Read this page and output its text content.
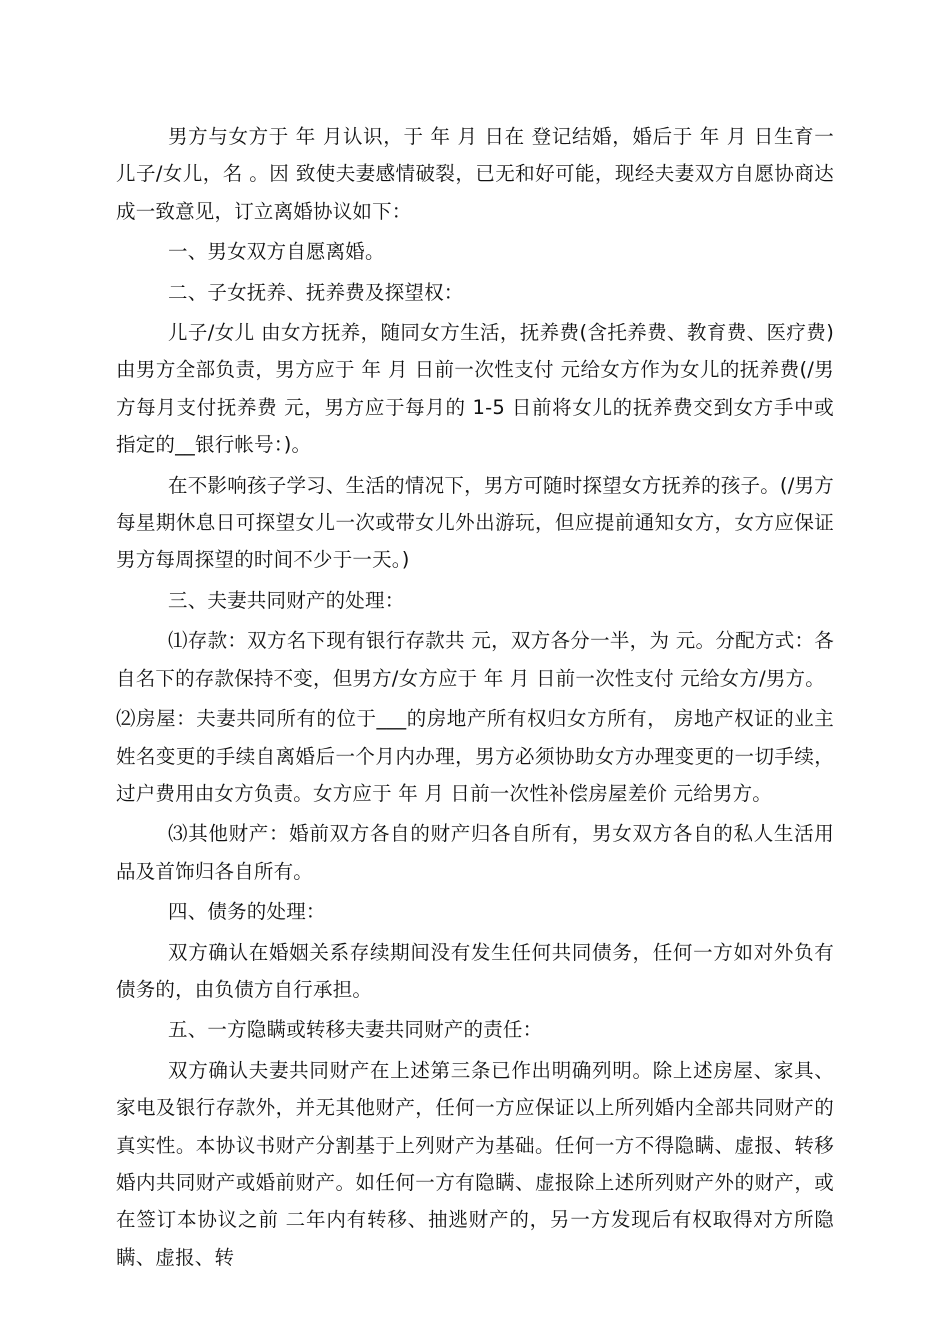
男方与女方于 年 月认识，于 年 月 日在 登记结婚，婚后于 年 月 日生育一儿子/女儿，名 。因 致使夫妻感情破裂，已无和好可能，现经夫妻双方自愿协商达成一致意见，订立离婚协议如下：

一、男女双方自愿离婚。

二、子女抚养、抚养费及探望权：

儿子/女儿 由女方抚养，随同女方生活，抚养费(含托养费、教育费、医疗费)由男方全部负责，男方应于 年 月 日前一次性支付 元给女方作为女儿的抚养费(/男方每月支付抚养费 元，男方应于每月的 1-5 日前将女儿的抚养费交到女方手中或指定的__银行帐号：)。

在不影响孩子学习、生活的情况下，男方可随时探望女方抚养的孩子。(/男方每星期休息日可探望女儿一次或带女儿外出游玩，但应提前通知女方，女方应保证男方每周探望的时间不少于一天。)

三、夫妻共同财产的处理：

⑴存款：双方名下现有银行存款共 元，双方各分一半，为 元。分配方式：各自名下的存款保持不变，但男方/女方应于 年 月 日前一次性支付 元给女方/男方。

⑵房屋：夫妻共同所有的位于___的房地产所有权归女方所有， 房地产权证的业主姓名变更的手续自离婚后一个月内办理，男方必须协助女方办理变更的一切手续，过户费用由女方负责。女方应于 年 月 日前一次性补偿房屋差价 元给男方。

⑶其他财产：婚前双方各自的财产归各自所有，男女双方各自的私人生活用品及首饰归各自所有。

四、债务的处理：

双方确认在婚姻关系存续期间没有发生任何共同债务，任何一方如对外负有债务的，由负债方自行承担。

五、一方隐瞒或转移夫妻共同财产的责任：

双方确认夫妻共同财产在上述第三条已作出明确列明。除上述房屋、家具、家电及银行存款外，并无其他财产，任何一方应保证以上所列婚内全部共同财产的真实性。本协议书财产分割基于上列财产为基础。任何一方不得隐瞒、虚报、转移婚内共同财产或婚前财产。如任何一方有隐瞒、虚报除上述所列财产外的财产，或在签订本协议之前 二年内有转移、抽逃财产的，另一方发现后有权取得对方所隐瞒、虚报、转
